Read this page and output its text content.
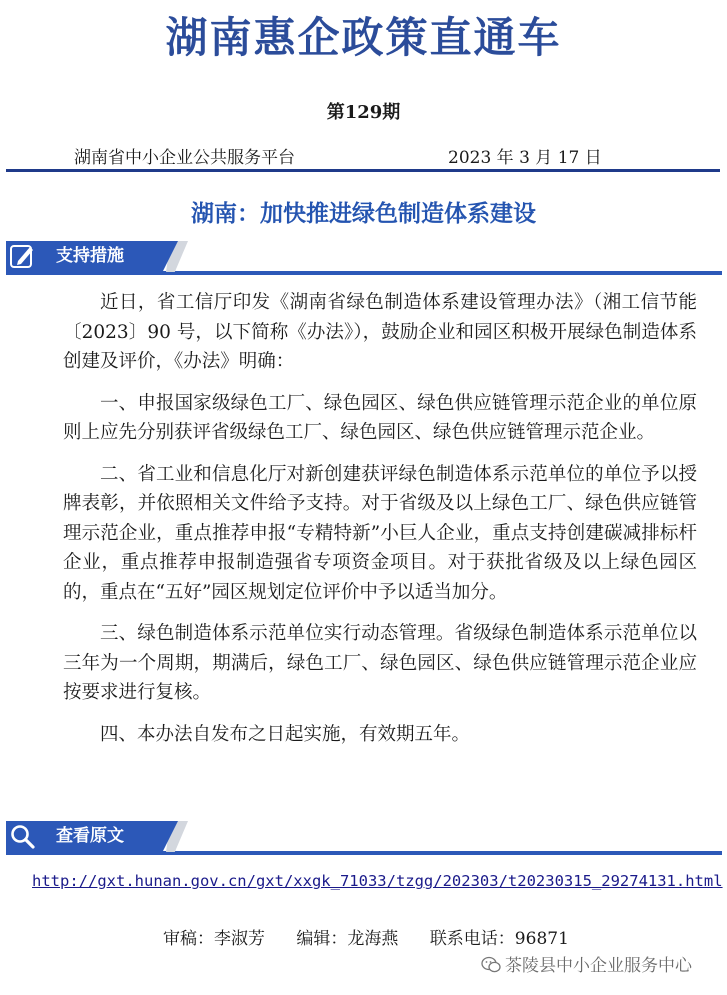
湖南惠企政策直通车
第129期
湖南省中小企业公共服务平台	2023 年 3 月 17 日
湖南：加快推进绿色制造体系建设
支持措施

近日，省工信厅印发《湖南省绿色制造体系建设管理办法》（湘工信节能〔2023〕90 号，以下简称《办法》），鼓励企业和园区积极开展绿色制造体系创建及评价，《办法》明确：

一、申报国家级绿色工厂、绿色园区、绿色供应链管理示范企业的单位原则上应先分别获评省级绿色工厂、绿色园区、绿色供应链管理示范企业。

二、省工业和信息化厅对新创建获评绿色制造体系示范单位的单位予以授牌表彰，并依照相关文件给予支持。对于省级及以上绿色工厂、绿色供应链管理示范企业，重点推荐申报“专精特新”小巨人企业，重点支持创建碳减排标杆企业，重点推荐申报制造强省专项资金项目。对于获批省级及以上绿色园区的，重点在“五好”园区规划定位评价中予以适当加分。

三、绿色制造体系示范单位实行动态管理。省级绿色制造体系示范单位以三年为一个周期，期满后，绿色工厂、绿色园区、绿色供应链管理示范企业应按要求进行复核。

四、本办法自发布之日起实施，有效期五年。

查看原文
http://gxt.hunan.gov.cn/gxt/xxgk_71033/tzgg/202303/t20230315_29274131.html
审稿：李淑芳 编辑：龙海燕 联系电话：96871
茶陵县中小企业服务中心
